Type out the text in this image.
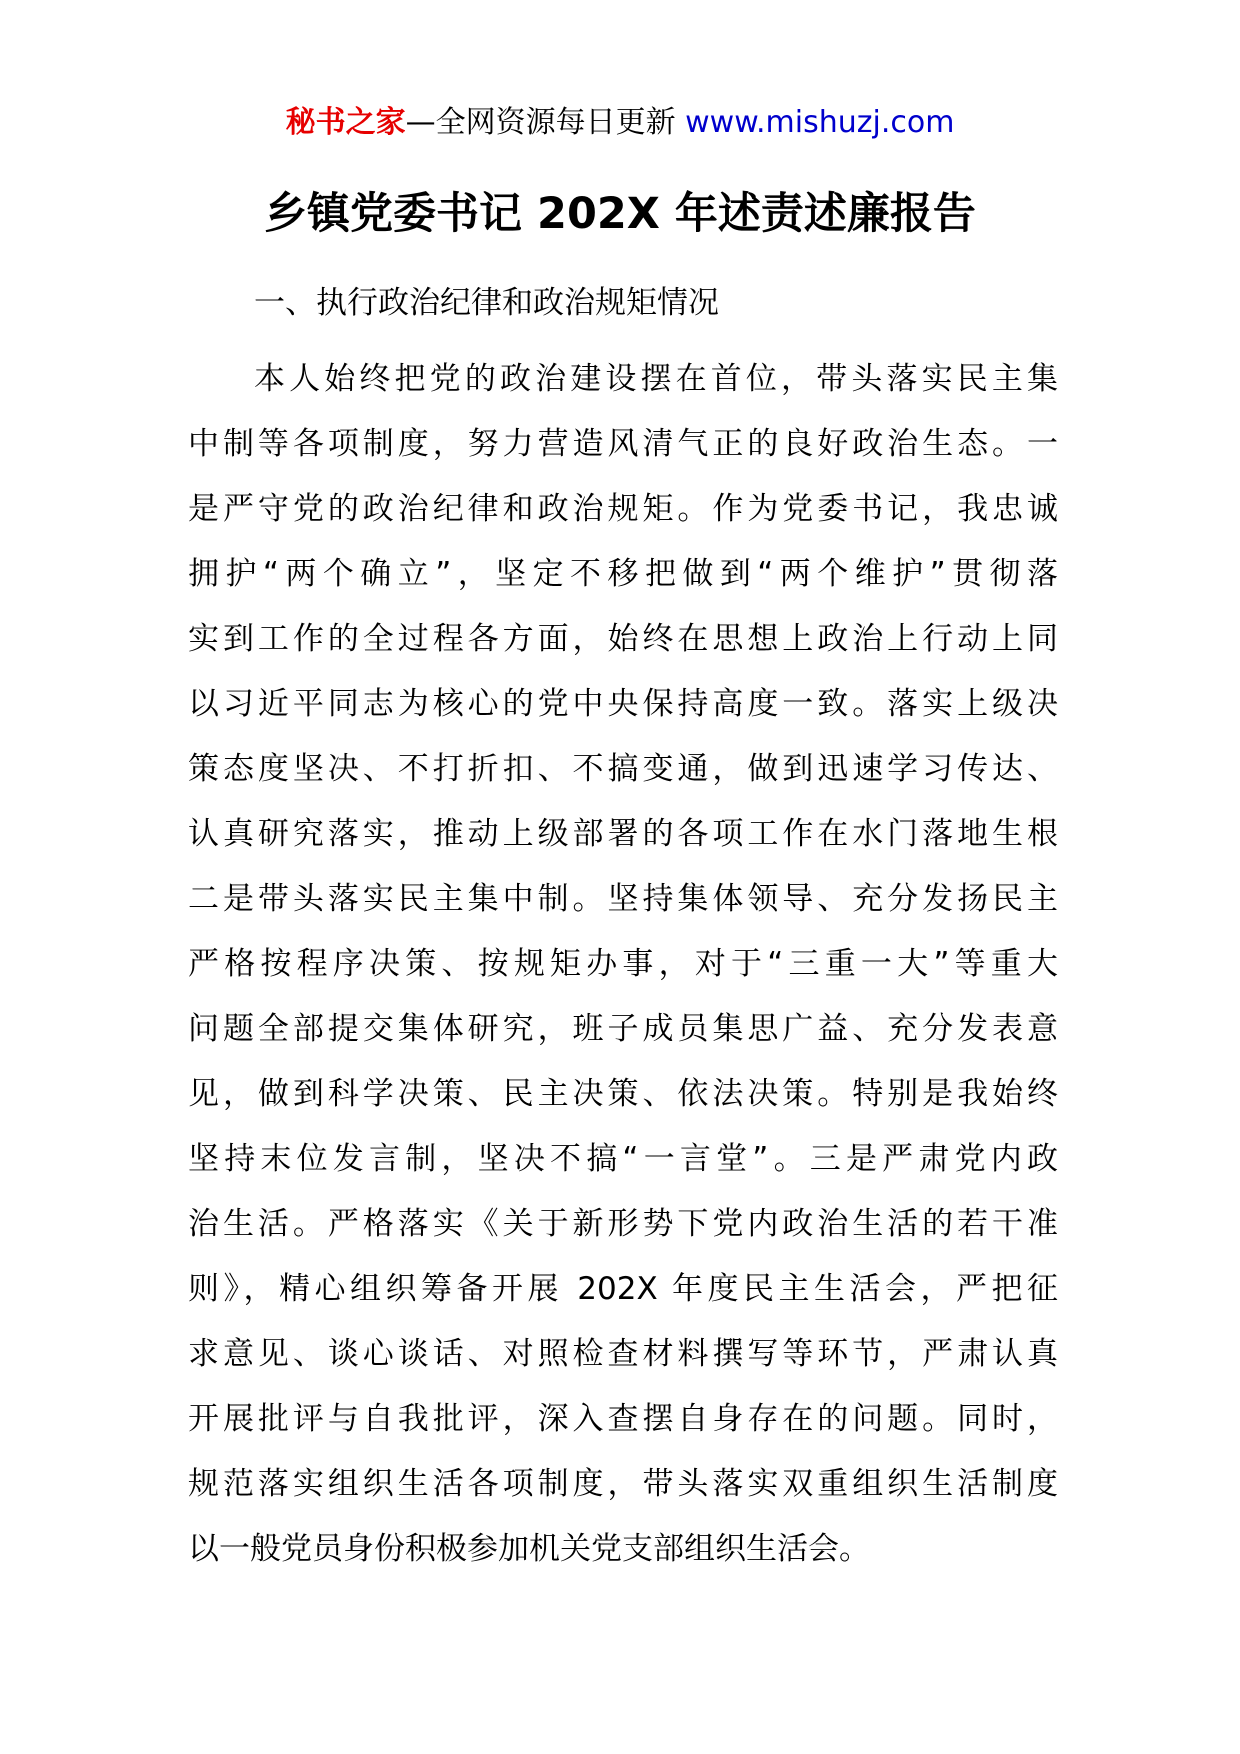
秘书之家—全网资源每日更新 www.mishuzj.com
乡镇党委书记 202X 年述责述廉报告
一、执行政治纪律和政治规矩情况
本人始终把党的政治建设摆在首位，带头落实民主集
中制等各项制度，努力营造风清气正的良好政治生态。一
是严守党的政治纪律和政治规矩。作为党委书记，我忠诚
拥护“两个确立”，坚定不移把做到“两个维护”贯彻落
实到工作的全过程各方面，始终在思想上政治上行动上同
以习近平同志为核心的党中央保持高度一致。落实上级决
策态度坚决、不打折扣、不搞变通，做到迅速学习传达、
认真研究落实，推动上级部署的各项工作在水门落地生根
二是带头落实民主集中制。坚持集体领导、充分发扬民主
严格按程序决策、按规矩办事，对于“三重一大”等重大
问题全部提交集体研究，班子成员集思广益、充分发表意
见，做到科学决策、民主决策、依法决策。特别是我始终
坚持末位发言制，坚决不搞“一言堂”。三是严肃党内政
治生活。严格落实《关于新形势下党内政治生活的若干准
则》，精心组织筹备开展 202X 年度民主生活会，严把征
求意见、谈心谈话、对照检查材料撰写等环节，严肃认真
开展批评与自我批评，深入查摆自身存在的问题。同时，
规范落实组织生活各项制度，带头落实双重组织生活制度
以一般党员身份积极参加机关党支部组织生活会。
